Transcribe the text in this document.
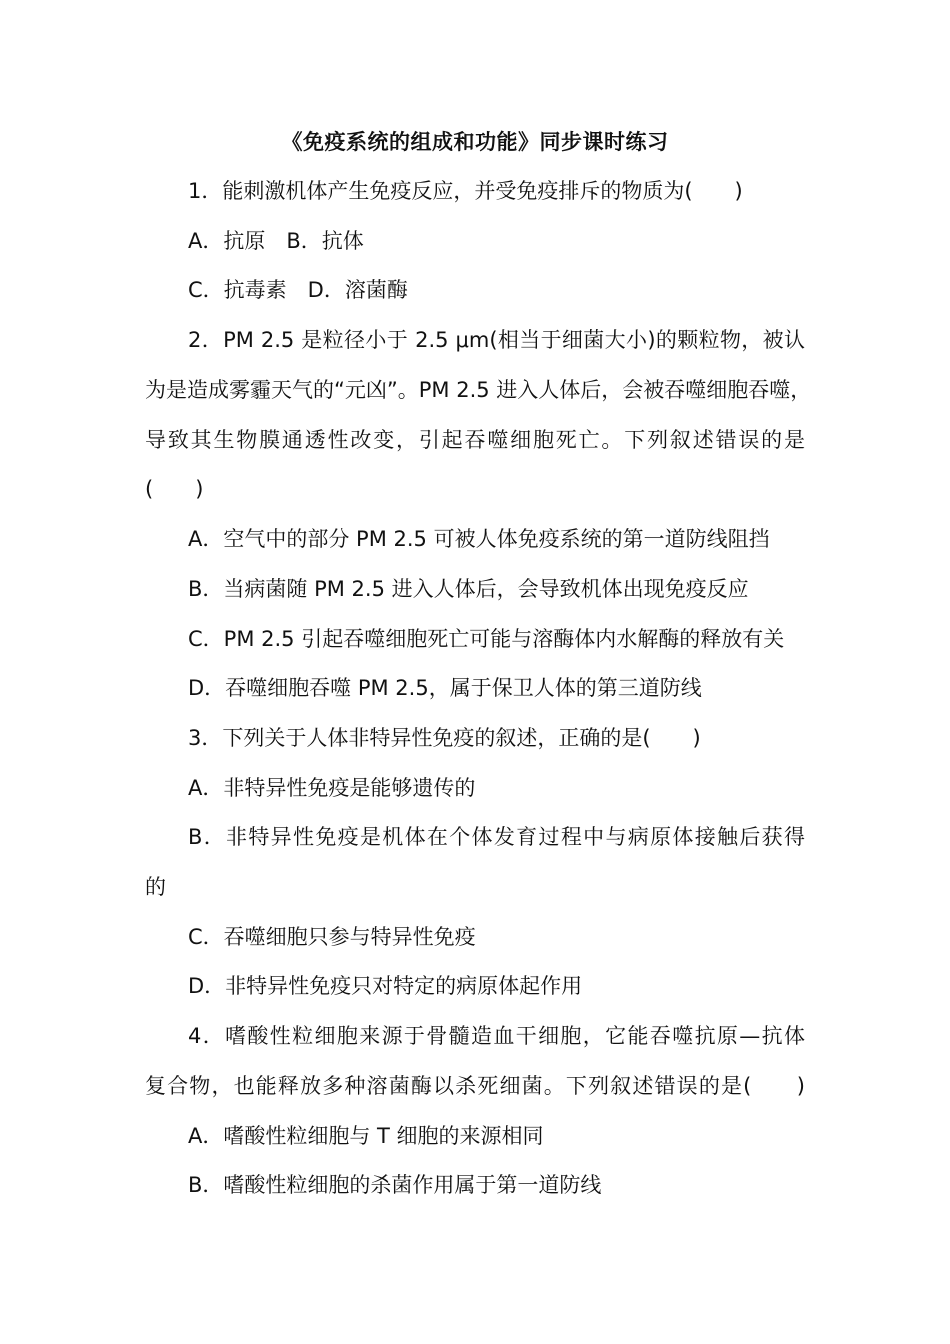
《免疫系统的组成和功能》同步课时练习
1．能刺激机体产生免疫反应，并受免疫排斥的物质为(　　)
A．抗原　B．抗体
C．抗毒素　D．溶菌酶
2．PM 2.5 是粒径小于 2.5 μm(相当于细菌大小)的颗粒物，被认
为是造成雾霾天气的“元凶”。PM 2.5 进入人体后，会被吞噬细胞吞噬，
导致其生物膜通透性改变，引起吞噬细胞死亡。下列叙述错误的是
(　　)
A．空气中的部分 PM 2.5 可被人体免疫系统的第一道防线阻挡
B．当病菌随 PM 2.5 进入人体后，会导致机体出现免疫反应
C．PM 2.5 引起吞噬细胞死亡可能与溶酶体内水解酶的释放有关
D．吞噬细胞吞噬 PM 2.5，属于保卫人体的第三道防线
3．下列关于人体非特异性免疫的叙述，正确的是(　　)
A．非特异性免疫是能够遗传的
B．非特异性免疫是机体在个体发育过程中与病原体接触后获得
的
C．吞噬细胞只参与特异性免疫
D．非特异性免疫只对特定的病原体起作用
4．嗜酸性粒细胞来源于骨髓造血干细胞，它能吞噬抗原—抗体
复合物，也能释放多种溶菌酶以杀死细菌。下列叙述错误的是(　　)
A．嗜酸性粒细胞与 T 细胞的来源相同
B．嗜酸性粒细胞的杀菌作用属于第一道防线
